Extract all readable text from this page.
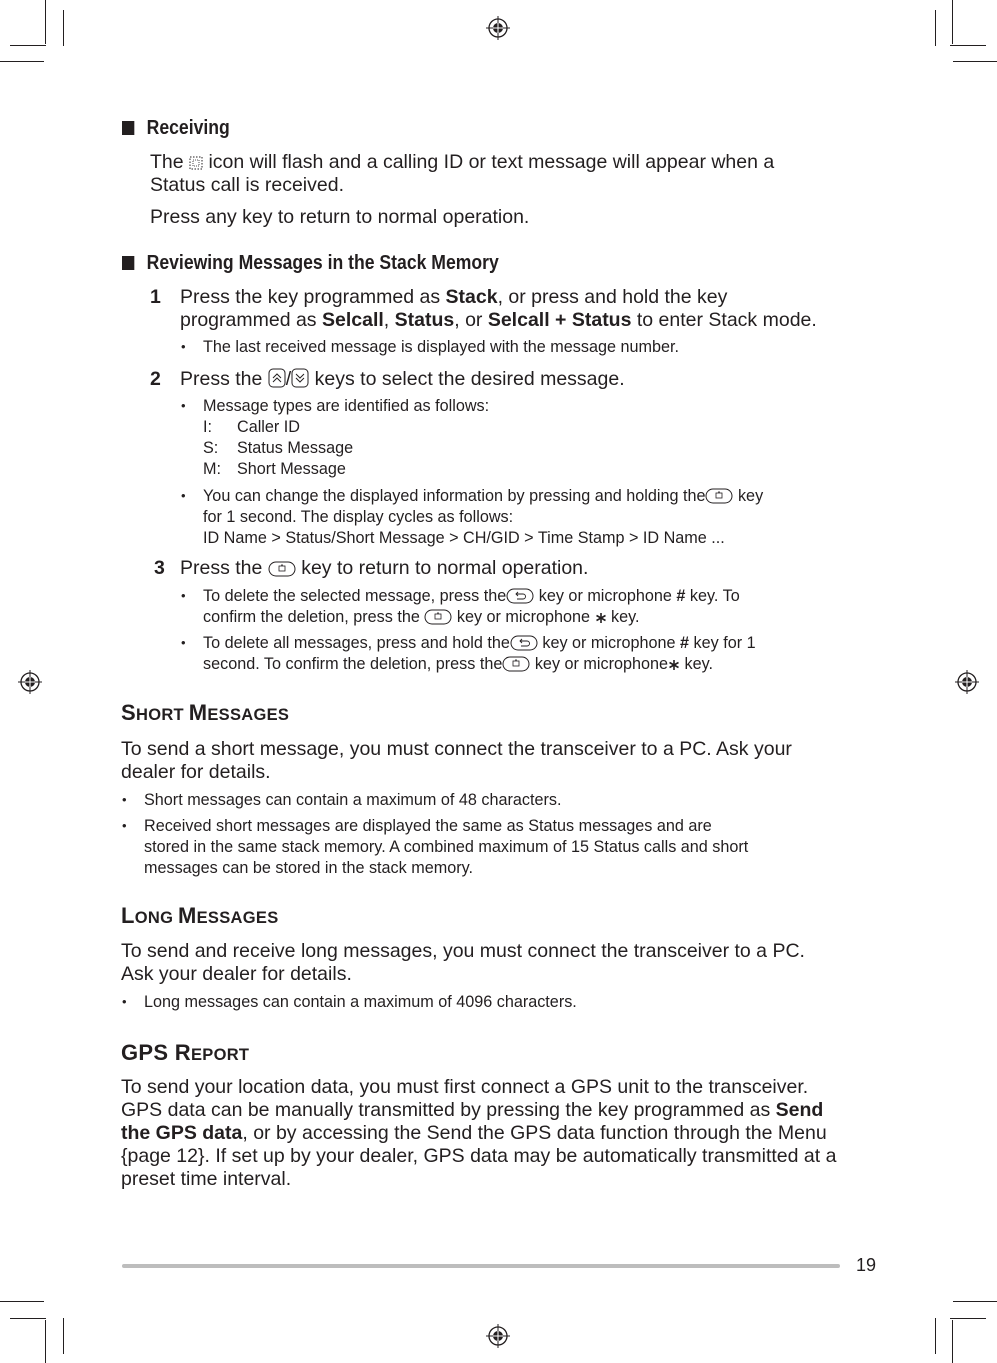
Receiving
The  icon will flash and a calling ID or text message will appear when a
Status call is received.
Press any key to return to normal operation.
Reviewing Messages in the Stack Memory
1 Press the key programmed as Stack, or press and hold the key
programmed as Selcall, Status, or Selcall + Status to enter Stack mode.
• The last received message is displayed with the message number.
2 Press the / keys to select the desired message.
• Message types are identified as follows:
I: Caller ID
S: Status Message
M: Short Message
• You can change the displayed information by pressing and holding the key
for 1 second. The display cycles as follows:
ID Name > Status/Short Message > CH/GID > Time Stamp > ID Name ...
3 Press the  key to return to normal operation.
• To delete the selected message, press the key or microphone # key. To
confirm the deletion, press the  key or microphone  key.
• To delete all messages, press and hold the key or microphone # key for 1
second. To confirm the deletion, press the key or microphone key.
SHORT MESSAGES
To send a short message, you must connect the transceiver to a PC. Ask your
dealer for details.
• Short messages can contain a maximum of 48 characters.
• Received short messages are displayed the same as Status messages and are
stored in the same stack memory. A combined maximum of 15 Status calls and short
messages can be stored in the stack memory.
LONG MESSAGES
To send and receive long messages, you must connect the transceiver to a PC.
Ask your dealer for details.
• Long messages can contain a maximum of 4096 characters.
GPS REPORT
To send your location data, you must first connect a GPS unit to the transceiver.
GPS data can be manually transmitted by pressing the key programmed as Send
the GPS data, or by accessing the Send the GPS data function through the Menu
{page 12}. If set up by your dealer, GPS data may be automatically transmitted at a
preset time interval.
19
